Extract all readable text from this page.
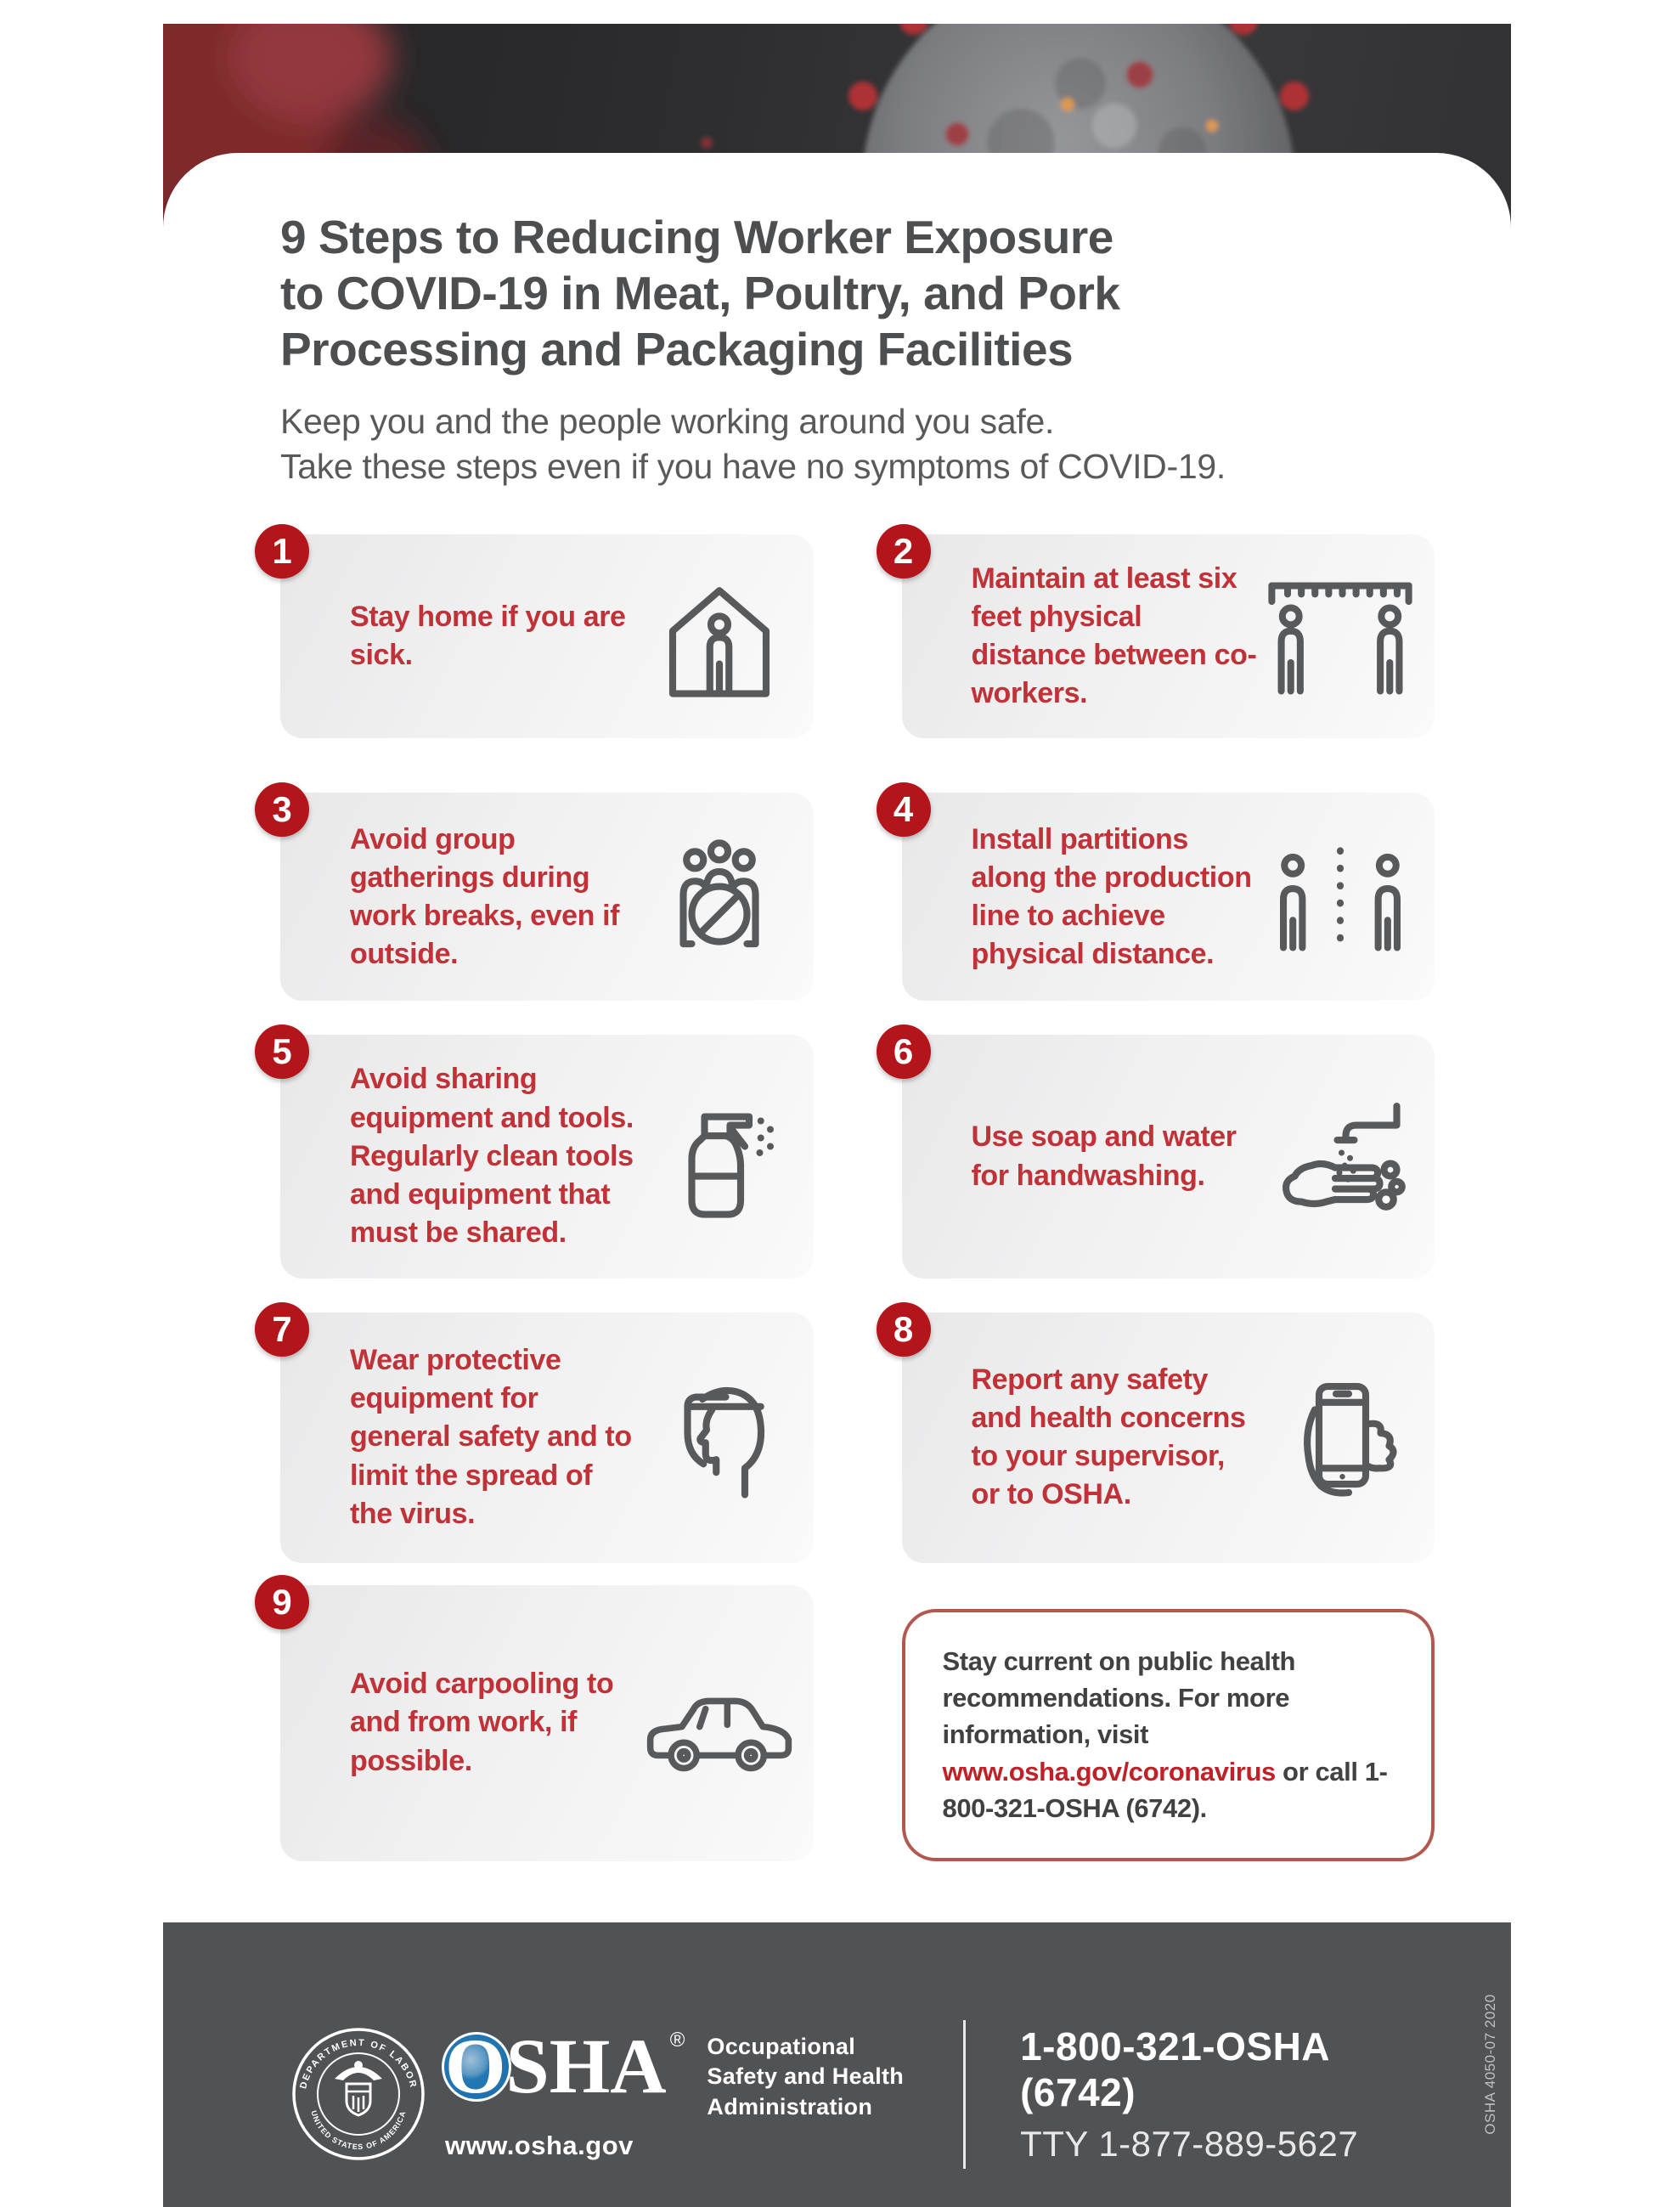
9 Steps to Reducing Worker Exposure
to COVID-19 in Meat, Poultry, and Pork
Processing and Packaging Facilities
Keep you and the people working around you safe.
Take these steps even if you have no symptoms of COVID-19.
1
Stay home if you are sick.
2
Maintain at least six feet physical distance between co-workers.
3
Avoid group gatherings during work breaks, even if outside.
4
Install partitions along the production line to achieve physical distance.
5
Avoid sharing equipment and tools. Regularly clean tools and equipment that must be shared.
6
Use soap and water for handwashing.
7
Wear protective equipment for general safety and to limit the spread of the virus.
8
Report any safety and health concerns to your supervisor, or to OSHA.
9
Avoid carpooling to and from work, if possible.
Stay current on public health recommendations. For more information, visit www.osha.gov/coronavirus or call 1-800-321-OSHA (6742).
DEPARTMENT OF LABOR
UNITED STATES OF AMERICA
OSHA ® Occupational
Safety and Health
Administration
www.osha.gov
1-800-321-OSHA (6742)
TTY 1-877-889-5627
OSHA 4050-07 2020
